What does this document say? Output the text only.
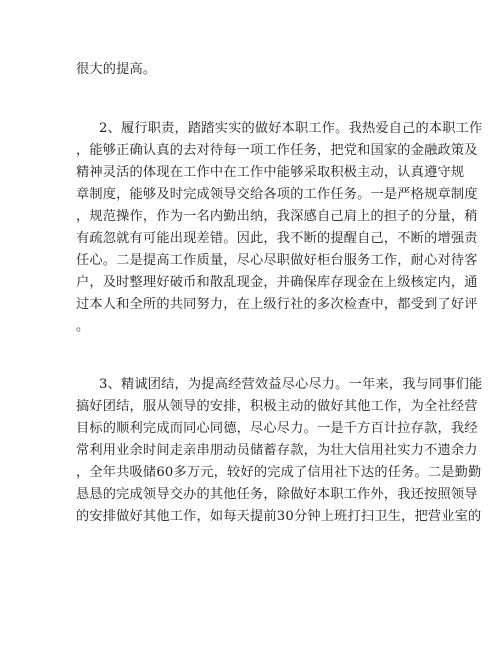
很大的提高。
2、履行职责，踏踏实实的做好本职工作。我热爱自己的本职工作
，能够正确认真的去对待每一项工作任务，把党和国家的金融政策及
精神灵活的体现在工作中在工作中能够采取积极主动，认真遵守规
章制度，能够及时完成领导交给各项的工作任务。一是严格规章制度
，规范操作，作为一名内勤出纳，我深感自己肩上的担子的分量，稍
有疏忽就有可能出现差错。因此，我不断的提醒自己，不断的增强责
任心。二是提高工作质量，尽心尽职做好柜台服务工作，耐心对待客
户，及时整理好破币和散乱现金，并确保库存现金在上级核定内，通
过本人和全所的共同努力，在上级行社的多次检查中，都受到了好评
。
3、精诚团结，为提高经营效益尽心尽力。一年来，我与同事们能
搞好团结，服从领导的安排，积极主动的做好其他工作，为全社经营
目标的顺利完成而同心同德，尽心尽力。一是千方百计拉存款，我经
常利用业余时间走亲串朋动员储蓄存款，为壮大信用社实力不遗余力
，全年共吸储60多万元，较好的完成了信用社下达的任务。二是勤勤
恳恳的完成领导交办的其他任务，除做好本职工作外，我还按照领导
的安排做好其他工作，如每天提前30分钟上班打扫卫生，把营业室的
